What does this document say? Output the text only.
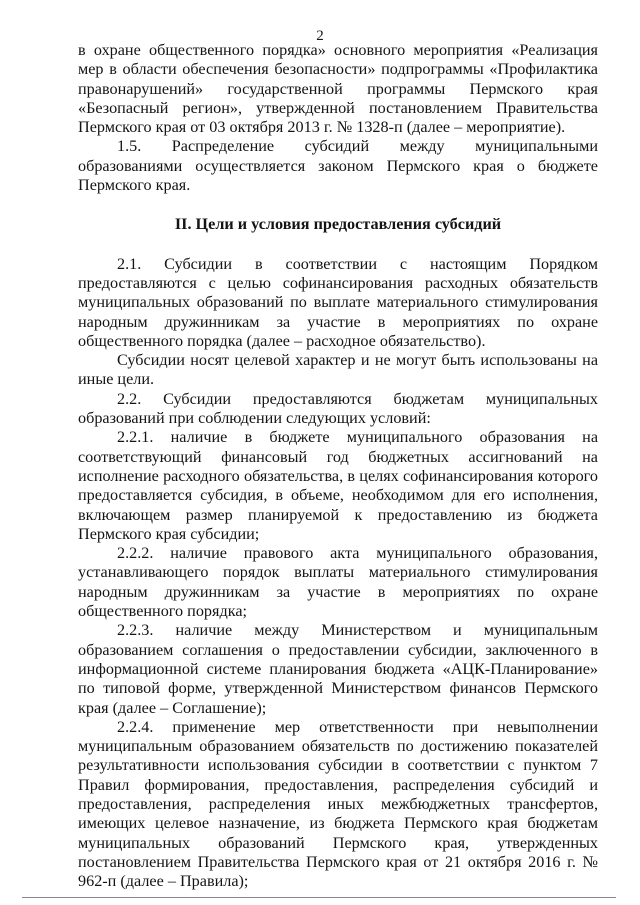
2

в охране общественного порядка» основного мероприятия «Реализация мер в области обеспечения безопасности» подпрограммы «Профилактика правонарушений» государственной программы Пермского края «Безопасный регион», утвержденной постановлением Правительства Пермского края от 03 октября 2013 г. № 1328-п (далее – мероприятие).

1.5. Распределение субсидий между муниципальными образованиями осуществляется законом Пермского края о бюджете Пермского края.

II. Цели и условия предоставления субсидий

2.1. Субсидии в соответствии с настоящим Порядком предоставляются с целью софинансирования расходных обязательств муниципальных образований по выплате материального стимулирования народным дружинникам за участие в мероприятиях по охране общественного порядка (далее – расходное обязательство).

Субсидии носят целевой характер и не могут быть использованы на иные цели.

2.2. Субсидии предоставляются бюджетам муниципальных образований при соблюдении следующих условий:

2.2.1. наличие в бюджете муниципального образования на соответствующий финансовый год бюджетных ассигнований на исполнение расходного обязательства, в целях софинансирования которого предоставляется субсидия, в объеме, необходимом для его исполнения, включающем размер планируемой к предоставлению из бюджета Пермского края субсидии;

2.2.2. наличие правового акта муниципального образования, устанавливающего порядок выплаты материального стимулирования народным дружинникам за участие в мероприятиях по охране общественного порядка;

2.2.3. наличие между Министерством и муниципальным образованием соглашения о предоставлении субсидии, заключенного в информационной системе планирования бюджета «АЦК-Планирование» по типовой форме, утвержденной Министерством финансов Пермского края (далее – Соглашение);

2.2.4. применение мер ответственности при невыполнении муниципальным образованием обязательств по достижению показателей результативности использования субсидии в соответствии с пунктом 7 Правил формирования, предоставления, распределения субсидий и предоставления, распределения иных межбюджетных трансфертов, имеющих целевое назначение, из бюджета Пермского края бюджетам муниципальных образований Пермского края, утвержденных постановлением Правительства Пермского края от 21 октября 2016 г. № 962-п (далее – Правила);
